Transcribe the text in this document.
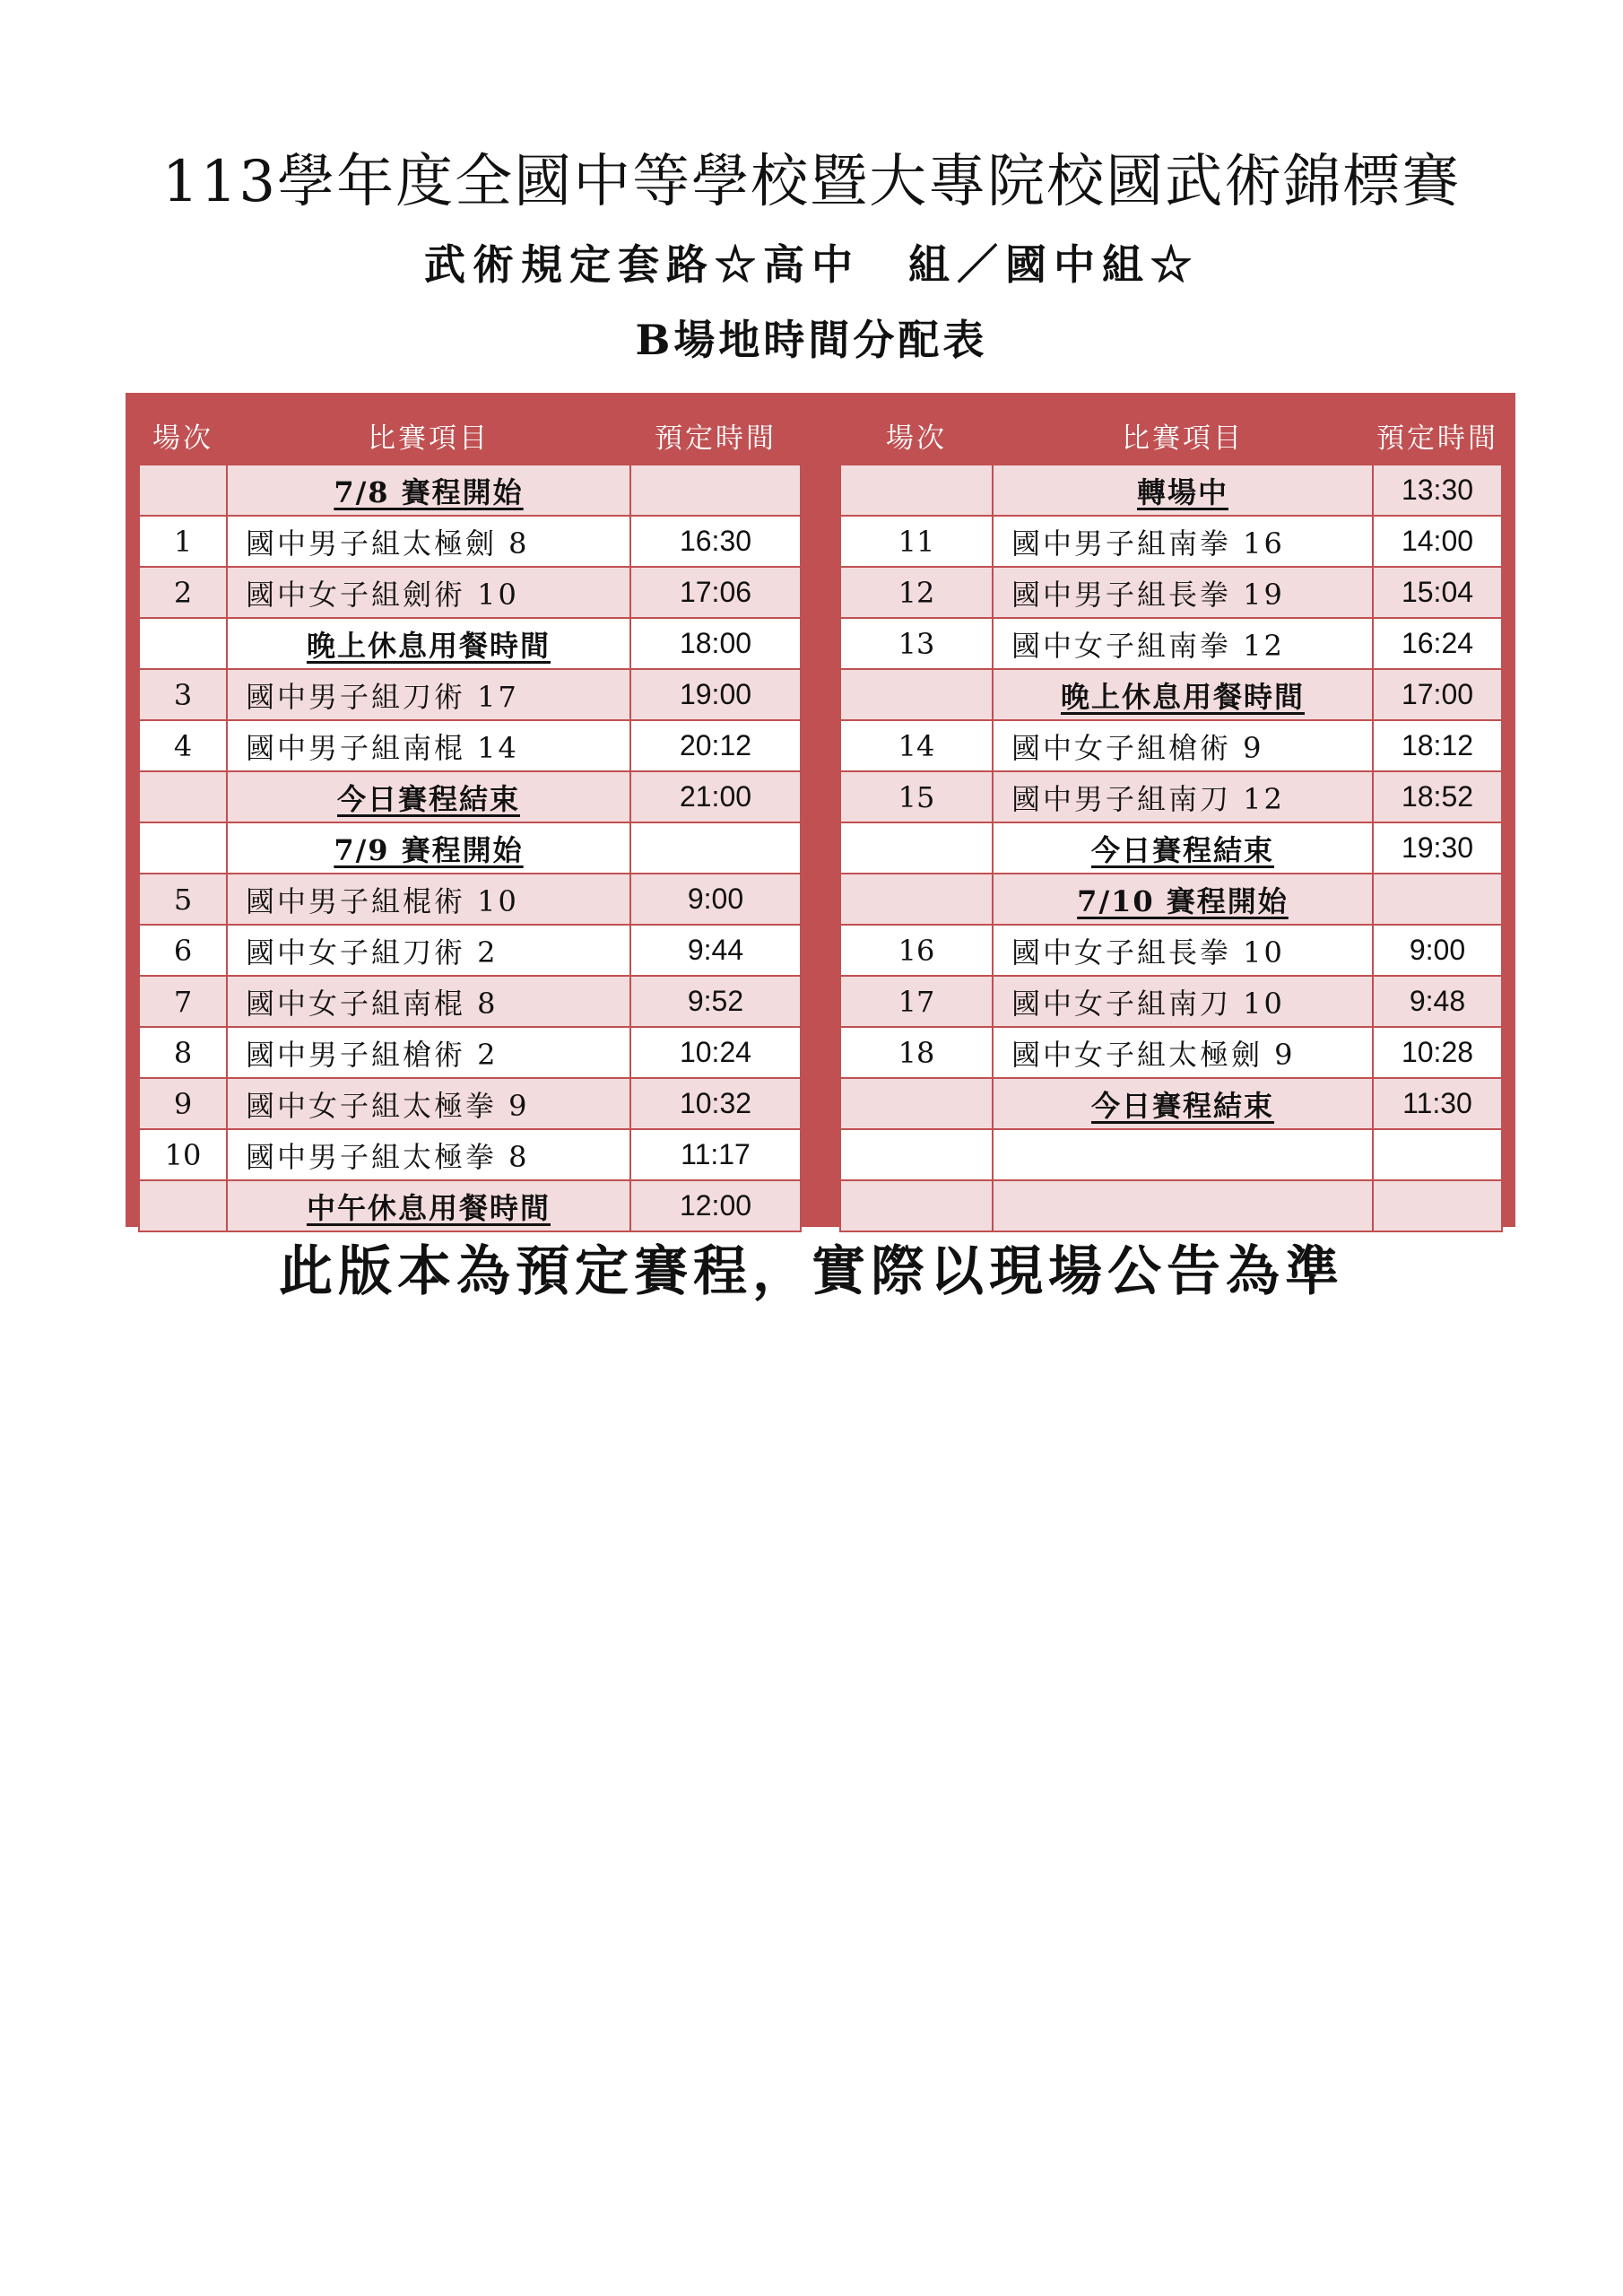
113學年度全國中等學校暨大專院校國武術錦標賽
武術規定套路☆高中　組／國中組☆
B場地時間分配表
場次	比賽項目	預定時間
	7/8 賽程開始	
1	國中男子組太極劍 8	16:30
2	國中女子組劍術 10	17:06
	晚上休息用餐時間	18:00
3	國中男子組刀術 17	19:00
4	國中男子組南棍 14	20:12
	今日賽程結束	21:00
	7/9 賽程開始	
5	國中男子組棍術 10	9:00
6	國中女子組刀術 2	9:44
7	國中女子組南棍 8	9:52
8	國中男子組槍術 2	10:24
9	國中女子組太極拳 9	10:32
10	國中男子組太極拳 8	11:17
	中午休息用餐時間	12:00
場次	比賽項目	預定時間
	轉場中	13:30
11	國中男子組南拳 16	14:00
12	國中男子組長拳 19	15:04
13	國中女子組南拳 12	16:24
	晚上休息用餐時間	17:00
14	國中女子組槍術 9	18:12
15	國中男子組南刀 12	18:52
	今日賽程結束	19:30
	7/10 賽程開始	
16	國中女子組長拳 10	9:00
17	國中女子組南刀 10	9:48
18	國中女子組太極劍 9	10:28
	今日賽程結束	11:30

此版本為預定賽程，實際以現場公告為準
